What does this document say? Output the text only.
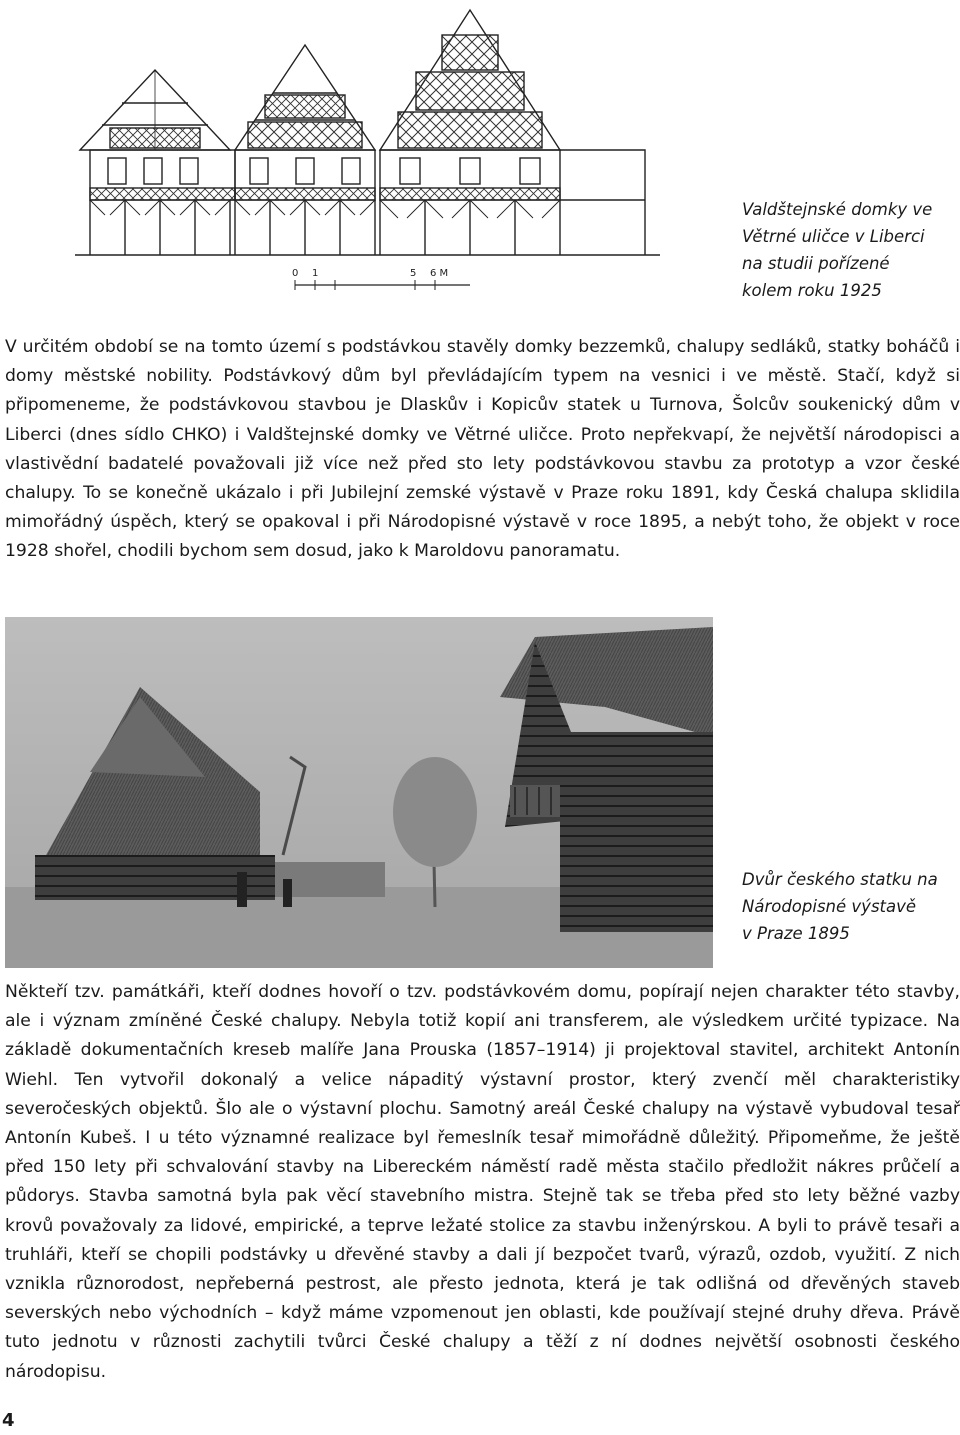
0 1	5 6 M
Valdštejnské domky ve
Větrné uličce v Liberci
na studii pořízené
kolem roku 1925

V určitém období se na tomto území s podstávkou stavěly domky bezzemků, chalupy sedláků, statky boháčů i domy městské nobility. Podstávkový dům byl převládajícím typem na vesnici i ve městě. Stačí, když si připomeneme, že podstávkovou stavbou je Dlaskův i Kopicův statek u Turnova, Šolcův soukenický dům v Liberci (dnes sídlo CHKO) i Valdštejnské domky ve Větrné uličce. Proto nepřekvapí, že největší národopisci a vlastivědní badatelé považovali již více než před sto lety podstávkovou stavbu za prototyp a vzor české chalupy. To se konečně ukázalo i při Jubilejní zemské výstavě v Praze roku 1891, kdy Česká chalupa sklidila mimořádný úspěch, který se opakoval i při Národopisné výstavě v roce 1895, a nebýt toho, že objekt v roce 1928 shořel, chodili bychom sem dosud, jako k Maroldovu panoramatu.

Dvůr českého statku na
Národopisné výstavě
v Praze 1895

Někteří tzv. památkáři, kteří dodnes hovoří o tzv. podstávkovém domu, popírají nejen charakter této stavby, ale i význam zmíněné České chalupy. Nebyla totiž kopií ani transferem, ale výsledkem určité typizace. Na základě dokumentačních kreseb malíře Jana Prouska (1857–1914) ji projektoval stavitel, architekt Antonín Wiehl. Ten vytvořil dokonalý a velice nápaditý výstavní prostor, který zvenčí měl charakteristiky severočeských objektů. Šlo ale o výstavní plochu. Samotný areál České chalupy na výstavě vybudoval tesař Antonín Kubeš. I u této významné realizace byl řemeslník tesař mimořádně důležitý. Připomeňme, že ještě před 150 lety při schvalování stavby na Libereckém náměstí radě města stačilo předložit nákres průčelí a půdorys. Stavba samotná byla pak věcí stavebního mistra. Stejně tak se třeba před sto lety běžné vazby krovů považovaly za lidové, empirické, a teprve ležaté stolice za stavbu inženýrskou. A byli to právě tesaři a truhláři, kteří se chopili podstávky u dřevěné stavby a dali jí bezpočet tvarů, výrazů, ozdob, využití. Z nich vznikla různorodost, nepřeberná pestrost, ale přesto jednota, která je tak odlišná od dřevěných staveb severských nebo východních – když máme vzpomenout jen oblasti, kde používají stejné druhy dřeva. Právě tuto jednotu v různosti zachytili tvůrci České chalupy a těží z ní dodnes největší osobnosti českého národopisu.

4
